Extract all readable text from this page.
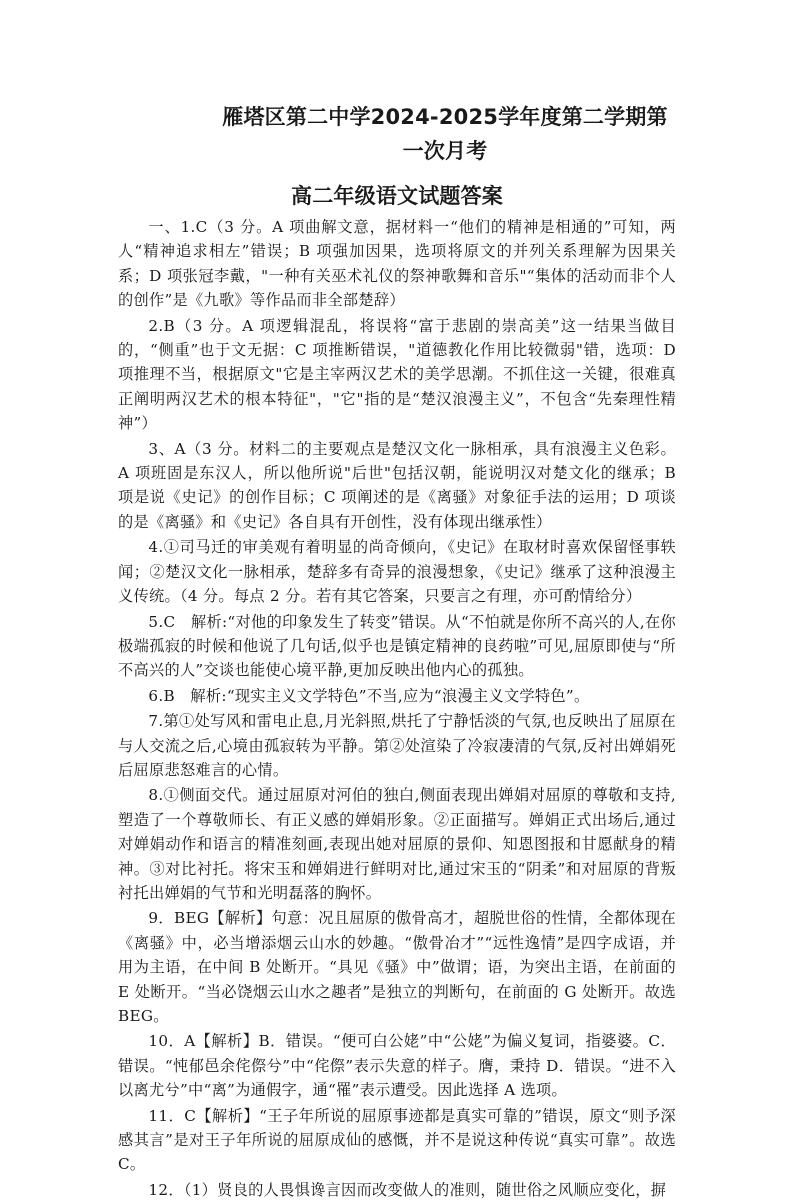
雁塔区第二中学2024-2025学年度第二学期第一次月考
高二年级语文试题答案

一、1.C（3 分。A 项曲解文意，据材料一“他们的精神是相通的”可知，两人“精神追求相左”错误；B 项强加因果，选项将原文的并列关系理解为因果关系；D 项张冠李戴，"一种有关巫术礼仪的祭神歌舞和音乐"“集体的活动而非个人的创作”是《九歌》等作品而非全部楚辞）

2.B（3 分。A 项逻辑混乱，将误将“富于悲剧的崇高美”这一结果当做目的，“侧重”也于文无据：C 项推断错误，"道德教化作用比较微弱"错，选项：D 项推理不当，根据原文"它是主宰两汉艺术的美学思潮。不抓住这一关键，很难真正阐明两汉艺术的根本特征"，"它"指的是“楚汉浪漫主义”，不包含“先秦理性精神”）

3、A（3 分。材料二的主要观点是楚汉文化一脉相承，具有浪漫主义色彩。A 项班固是东汉人，所以他所说"后世"包括汉朝，能说明汉对楚文化的继承；B 项是说《史记》的创作目标；C 项阐述的是《离骚》对象征手法的运用；D 项谈的是《离骚》和《史记》各自具有开创性，没有体现出继承性）

4.①司马迁的审美观有着明显的尚奇倾向，《史记》在取材时喜欢保留怪事轶闻；②楚汉文化一脉相承，楚辞多有奇异的浪漫想象，《史记》继承了这种浪漫主义传统。（4 分。每点 2 分。若有其它答案，只要言之有理，亦可酌情给分）

5.C　解析:“对他的印象发生了转变”错误。从“不怕就是你所不高兴的人,在你极端孤寂的时候和他说了几句话,似乎也是镇定精神的良药啦”可见,屈原即使与“所不高兴的人”交谈也能使心境平静,更加反映出他内心的孤独。

6.B　解析:“现实主义文学特色”不当,应为“浪漫主义文学特色”。

7.第①处写风和雷电止息,月光斜照,烘托了宁静恬淡的气氛,也反映出了屈原在与人交流之后,心境由孤寂转为平静。第②处渲染了冷寂凄清的气氛,反衬出婵娟死后屈原悲怒难言的心情。

8.①侧面交代。通过屈原对河伯的独白,侧面表现出婵娟对屈原的尊敬和支持,塑造了一个尊敬师长、有正义感的婵娟形象。②正面描写。婵娟正式出场后,通过对婵娟动作和语言的精准刻画,表现出她对屈原的景仰、知恩图报和甘愿献身的精神。③对比衬托。将宋玉和婵娟进行鲜明对比,通过宋玉的“阴柔”和对屈原的背叛衬托出婵娟的气节和光明磊落的胸怀。

9．BEG【解析】句意：况且屈原的傲骨高才，超脱世俗的性情，全都体现在《离骚》中，必当增添烟云山水的妙趣。“傲骨冶才”“远性逸情”是四字成语，并用为主语，在中间 B 处断开。“具见《骚》中”做谓；语，为突出主语，在前面的 E 处断开。“当必饶烟云山水之趣者”是独立的判断句，在前面的 G 处断开。故选 BEG。

10．A【解析】B．错误。“便可白公姥”中“公姥”为偏义复词，指婆婆。C．错误。“忳郁邑余侘傺兮”中“侘傺”表示失意的样子。膺，秉持 D．错误。“进不入以离尤兮”中“离”为通假字，通“罹”表示遭受。因此选择 A 选项。

11．C【解析】“王子年所说的屈原事迹都是真实可靠的”错误，原文“则予深感其言”是对王子年所说的屈原成仙的感慨，并不是说这种传说“真实可靠”。故选 C。

12．（1）贤良的人畏惧谗言因而改变做人的准则，随世俗之风顺应变化，摒
